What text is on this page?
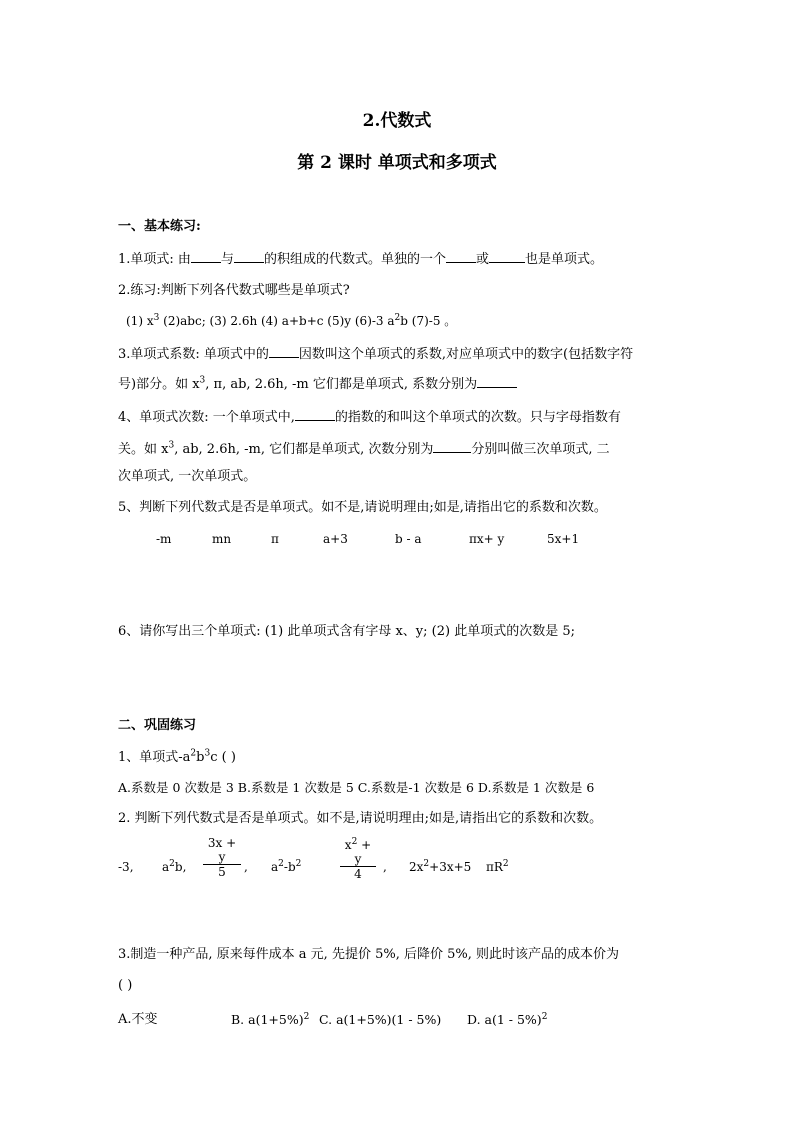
2.代数式
第 2 课时 单项式和多项式
一、基本练习:
1.单项式: 由 与 的积组成的代数式。单独的一个 或	也是单项式。
2.练习:判断下列各代数式哪些是单项式?
(1) $x^3$ (2)abc; (3) 2.6h (4) a+b+c (5)y (6)-3 $a^2b$ (7)-5 。
3.单项式系数: 单项式中的 因数叫这个单项式的系数,对应单项式中的数字(包括数字符
号)部分。如 $x^3$, π, ab, 2.6h, -m 它们都是单项式, 系数分别为
4、单项式次数: 一个单项式中,	的指数的和叫这个单项式的次数。只与字母指数有
关。如 $x^3$, ab, 2.6h, -m, 它们都是单项式, 次数分别为	分别叫做三次单项式, 二
次单项式, 一次单项式。
5、判断下列代数式是否是单项式。如不是,请说明理由;如是,请指出它的系数和次数。
-m	mn	π	a+3	b - a	πx+ y	5x+1
6、请你写出三个单项式: (1) 此单项式含有字母 x、y; (2) 此单项式的次数是 5;
二、巩固练习
1、单项式$-a^2b^3c$ ( )
A.系数是 0 次数是 3 B.系数是 1 次数是 5 C.系数是-1 次数是 6 D.系数是 1 次数是 6
2. 判断下列代数式是否是单项式。如不是,请说明理由;如是,请指出它的系数和次数。
-3, $a^2b$,
3x + y
5	, $a^2-b^2$
$x^2 + y$
4	, $2x^2+3x+5$ $\pi R^2$
3.制造一种产品, 原来每件成本 a 元, 先提价 5%, 后降价 5%, 则此时该产品的成本价为
( )
A.不变	B. $a(1+5\%)^2$ C. a(1+5%)(1 - 5%) D. a(1 - 5%)$^2$
